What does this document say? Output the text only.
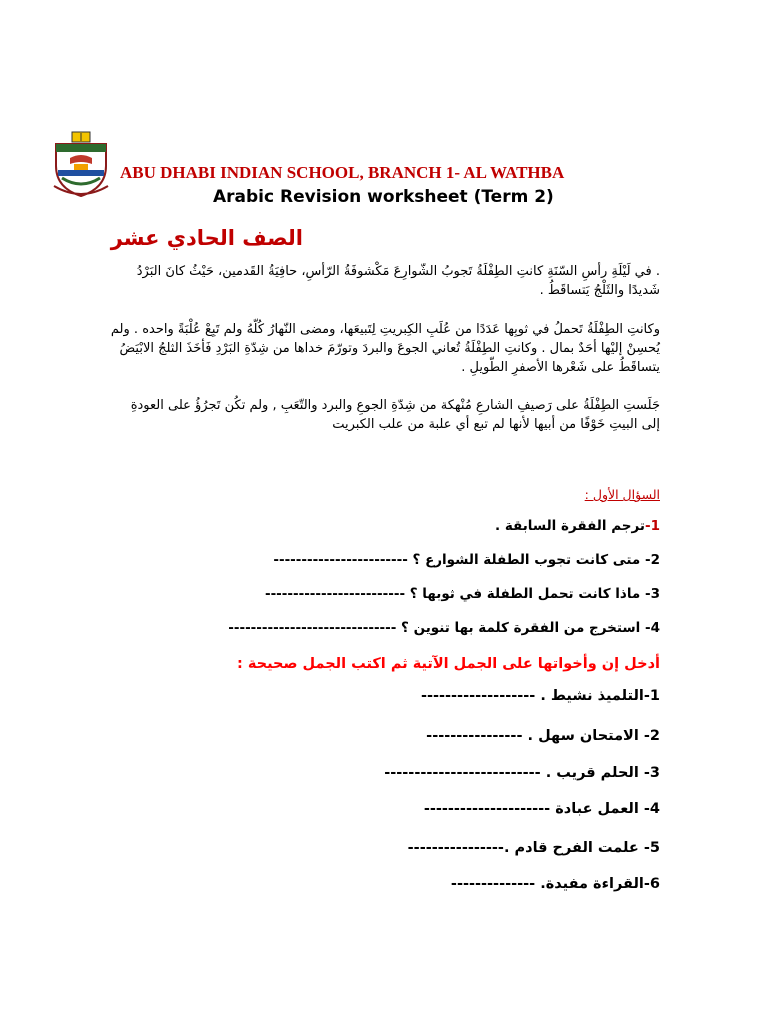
ABU DHABI INDIAN SCHOOL, BRANCH 1- AL WATHBA
Arabic Revision worksheet (Term 2)
الصف الحادي عشر
. في لَيْلَةِ رأسِ السّنَةِ كانتِ الطِفْلَةُ تَجوبُ الشّوارِعَ مَكْشوفَةُ الرّأسِ، حافِيَةُ القَدمين، حَيْثُ كانَ البَرْدُ شَديدًا والثَلْجُ يَتساقَطُ .
وكانتِ الطِفْلَةُ تَحملُ في ثوبِها عَدَدًا من عُلَبِ الكِبريتِ لِتَبيعَها، ومضى النّهارُ كُلّهُ ولم تَبِعْ عُلْبَةً واحده . ولم يُحسِنْ إليْها أحَدٌ بمال . وكانتِ الطِفْلَةُ تُعاني الجوعَ والبردَ وتورّمَ خداها من شِدّةِ البَرْدِ فَأخَذَ الثلجُ الابْيَضُ يتساقَطُ على شَعْرها الأصفرِ الطّويلِ .
جَلَستِ الطِفْلَةُ على رَصيفِ الشارعِ مُنْهكة من شِدّةِ الجوعِ والبرد والتّعَبِ , ولم تكُن تَجرُؤُ على العودةِ إلى البيتِ خَوْفًا من أبيها لأنها لم تبع أي علبة من علب الكبريت
السؤال الأول :
1-ترجم الفقرة السابقة .
2- متى كانت تجوب الطفلة الشوارع ؟ ------------------------
3- ماذا كانت تحمل الطفلة في ثوبها ؟ -------------------------
4- استخرج من الفقرة كلمة بها تنوين ؟ ------------------------------
أدخل إن وأخواتها على الجمل الآتية ثم اكتب الجمل صحيحة :
1-التلميذ نشيط . -------------------
2- الامتحان سهل . ----------------
3- الحلم قريب . --------------------------
4- العمل عبادة ---------------------
5- علمت الفرح قادم .----------------
6-القراءة مفيدة. --------------
